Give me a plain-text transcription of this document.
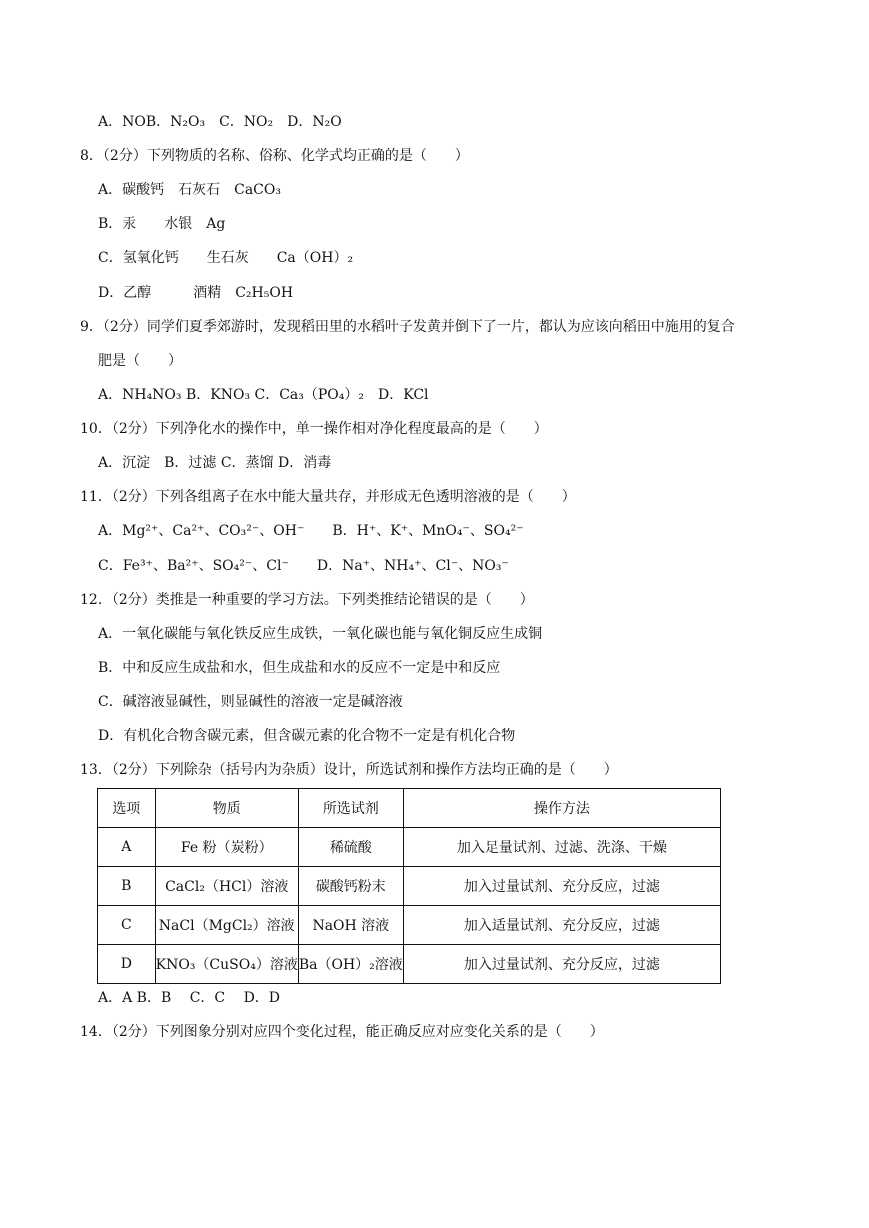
A．NOB．N₂O₃　C．NO₂　D．N₂O
8．（2分）下列物质的名称、俗称、化学式均正确的是（　　）
A．碳酸钙　石灰石　CaCO₃
B．汞　　水银　Ag
C．氢氧化钙　　生石灰　　Ca（OH）₂
D．乙醇　　　酒精　C₂H₅OH
9．（2分）同学们夏季郊游时，发现稻田里的水稻叶子发黄并倒下了一片，都认为应该向稻田中施用的复合
肥是（　　）
A．NH₄NO₃ B．KNO₃ C．Ca₃（PO₄）₂　D．KCl
10．（2分）下列净化水的操作中，单一操作相对净化程度最高的是（　　）
A．沉淀　B．过滤 C．蒸馏 D．消毒
11．（2分）下列各组离子在水中能大量共存，并形成无色透明溶液的是（　　）
A．Mg²⁺、Ca²⁺、CO₃²⁻、OH⁻　　B．H⁺、K⁺、MnO₄⁻、SO₄²⁻
C．Fe³⁺、Ba²⁺、SO₄²⁻、Cl⁻　　D．Na⁺、NH₄⁺、Cl⁻、NO₃⁻
12．（2分）类推是一种重要的学习方法。下列类推结论错误的是（　　）
A．一氧化碳能与氧化铁反应生成铁，一氧化碳也能与氧化铜反应生成铜
B．中和反应生成盐和水，但生成盐和水的反应不一定是中和反应
C．碱溶液显碱性，则显碱性的溶液一定是碱溶液
D．有机化合物含碳元素，但含碳元素的化合物不一定是有机化合物
13．（2分）下列除杂（括号内为杂质）设计，所选试剂和操作方法均正确的是（　　）
选项	物质	所选试剂	操作方法
A	Fe 粉（炭粉）	稀硫酸	加入足量试剂、过滤、洗涤、干燥
B	CaCl₂（HCl）溶液	碳酸钙粉末	加入过量试剂、充分反应，过滤
C	NaCl（MgCl₂）溶液	NaOH 溶液	加入适量试剂、充分反应，过滤
D	KNO₃（CuSO₄）溶液	Ba（OH）₂溶液	加入过量试剂、充分反应，过滤
A．A B．B　 C．C　 D．D
14．（2分）下列图象分别对应四个变化过程，能正确反应对应变化关系的是（　　）
